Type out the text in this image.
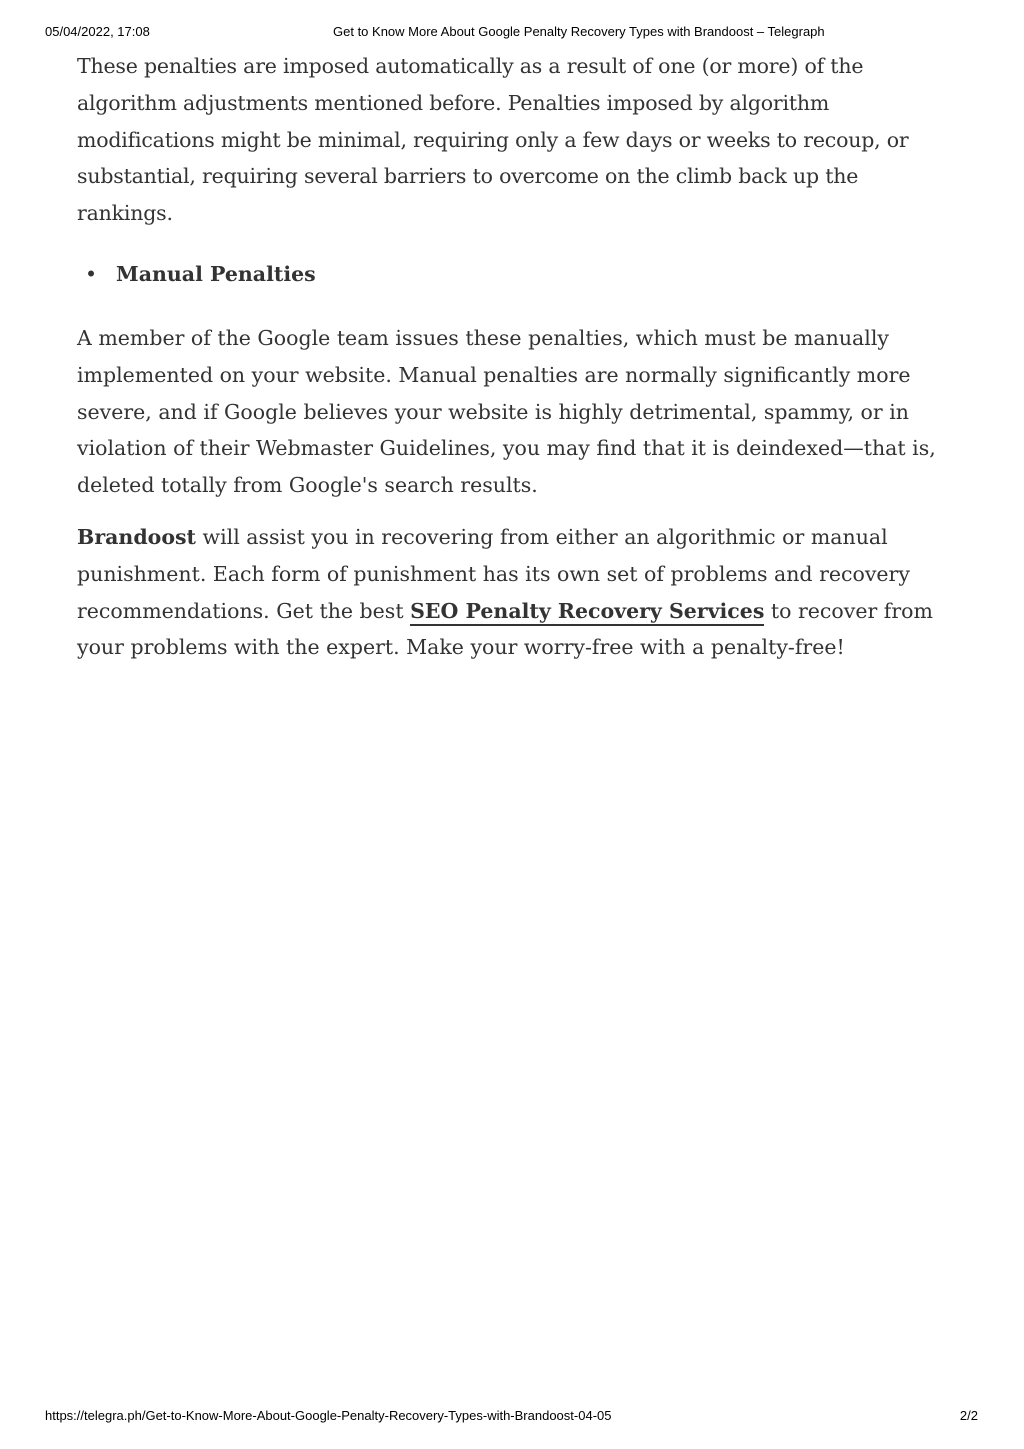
05/04/2022, 17:08	Get to Know More About Google Penalty Recovery Types with Brandoost – Telegraph

These penalties are imposed automatically as a result of one (or more) of the algorithm adjustments mentioned before. Penalties imposed by algorithm modifications might be minimal, requiring only a few days or weeks to recoup, or substantial, requiring several barriers to overcome on the climb back up the rankings.

• Manual Penalties

A member of the Google team issues these penalties, which must be manually implemented on your website. Manual penalties are normally significantly more severe, and if Google believes your website is highly detrimental, spammy, or in violation of their Webmaster Guidelines, you may find that it is deindexed—that is, deleted totally from Google's search results.

Brandoost will assist you in recovering from either an algorithmic or manual punishment. Each form of punishment has its own set of problems and recovery recommendations. Get the best SEO Penalty Recovery Services to recover from your problems with the expert. Make your worry-free with a penalty-free!

https://telegra.ph/Get-to-Know-More-About-Google-Penalty-Recovery-Types-with-Brandoost-04-05	2/2
